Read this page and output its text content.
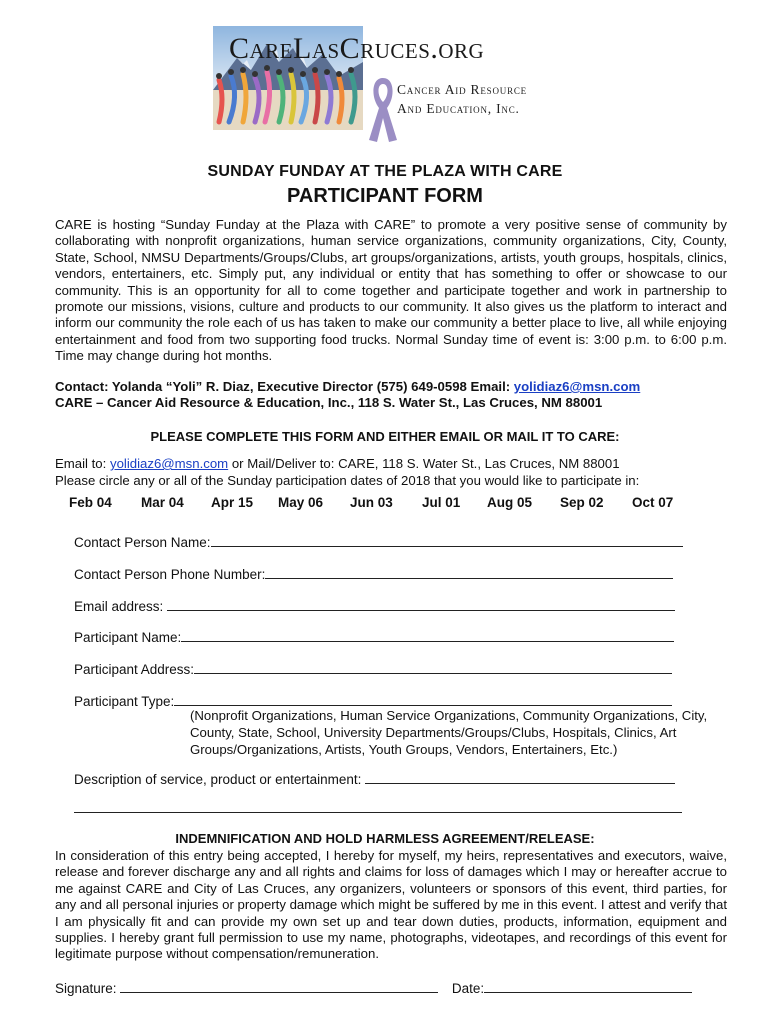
CareLasCruces.org
Cancer Aid Resource
And Education, Inc.
SUNDAY FUNDAY AT THE PLAZA WITH CARE
PARTICIPANT FORM
CARE is hosting “Sunday Funday at the Plaza with CARE” to promote a very positive sense of community by collaborating with nonprofit organizations, human service organizations, community organizations, City, County, State, School, NMSU Departments/Groups/Clubs, art groups/organizations, artists, youth groups, hospitals, clinics, vendors, entertainers, etc. Simply put, any individual or entity that has something to offer or showcase to our community. This is an opportunity for all to come together and participate together and work in partnership to promote our missions, visions, culture and products to our community. It also gives us the platform to interact and inform our community the role each of us has taken to make our community a better place to live, all while enjoying entertainment and food from two supporting food trucks. Normal Sunday time of event is: 3:00 p.m. to 6:00 p.m. Time may change during hot months.
Contact: Yolanda “Yoli” R. Diaz, Executive Director (575) 649-0598 Email: yolidiaz6@msn.com
CARE – Cancer Aid Resource & Education, Inc., 118 S. Water St., Las Cruces, NM 88001
PLEASE COMPLETE THIS FORM AND EITHER EMAIL OR MAIL IT TO CARE:
Email to: yolidiaz6@msn.com or Mail/Deliver to: CARE, 118 S. Water St., Las Cruces, NM 88001
Please circle any or all of the Sunday participation dates of 2018 that you would like to participate in:
Feb 04 Mar 04 Apr 15 May 06 Jun 03 Jul 01 Aug 05 Sep 02 Oct 07
Contact Person Name:
Contact Person Phone Number:
Email address:
Participant Name:
Participant Address:
Participant Type:
(Nonprofit Organizations, Human Service Organizations, Community Organizations, City, County, State, School, University Departments/Groups/Clubs, Hospitals, Clinics, Art Groups/Organizations, Artists, Youth Groups, Vendors, Entertainers, Etc.)
Description of service, product or entertainment:
INDEMNIFICATION AND HOLD HARMLESS AGREEMENT/RELEASE:
In consideration of this entry being accepted, I hereby for myself, my heirs, representatives and executors, waive, release and forever discharge any and all rights and claims for loss of damages which I may or hereafter accrue to me against CARE and City of Las Cruces, any organizers, volunteers or sponsors of this event, third parties, for any and all personal injuries or property damage which might be suffered by me in this event. I attest and verify that I am physically fit and can provide my own set up and tear down duties, products, information, equipment and supplies. I hereby grant full permission to use my name, photographs, videotapes, and recordings of this event for legitimate purpose without compensation/remuneration.
Signature:	Date:
